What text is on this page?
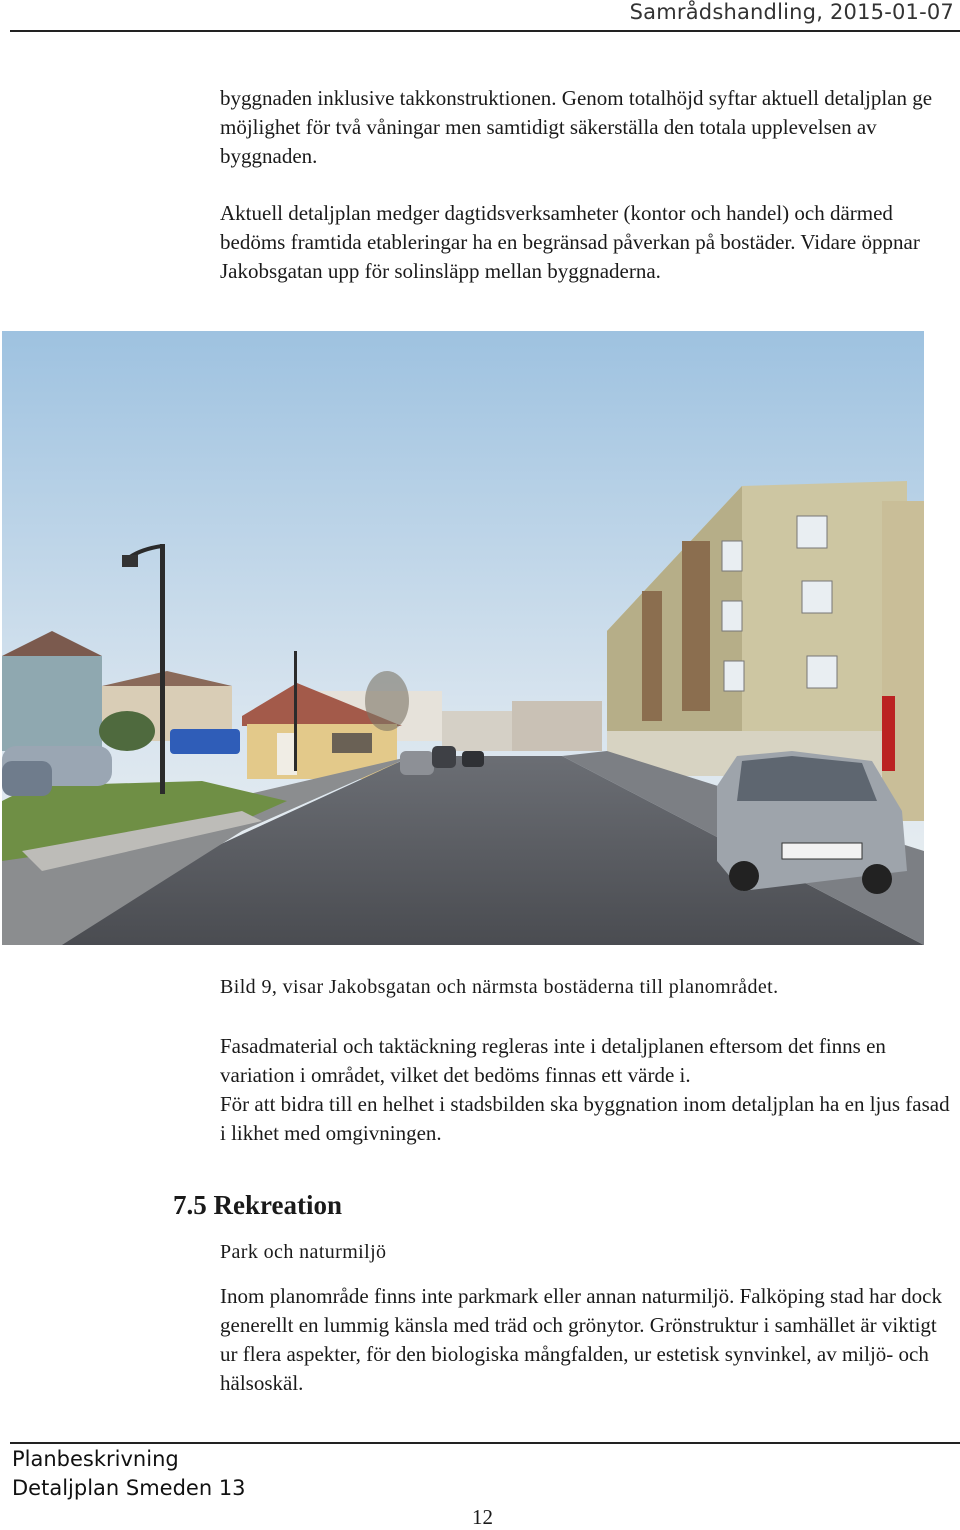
Samrådshandling, 2015-01-07

byggnaden inklusive takkonstruktionen. Genom totalhöjd syftar aktuell detaljplan ge möjlighet för två våningar men samtidigt säkerställa den totala upplevelsen av byggnaden.

Aktuell detaljplan medger dagtidsverksamheter (kontor och handel) och därmed bedöms framtida etableringar ha en begränsad påverkan på bostäder. Vidare öppnar Jakobsgatan upp för solinsläpp mellan byggnaderna.

Bild 9, visar Jakobsgatan och närmsta bostäderna till planområdet.

Fasadmaterial och taktäckning regleras inte i detaljplanen eftersom det finns en variation i området, vilket det bedöms finnas ett värde i.

För att bidra till en helhet i stadsbilden ska byggnation inom detaljplan ha en ljus fasad i likhet med omgivningen.

7.5 Rekreation
Park och naturmiljö

Inom planområde finns inte parkmark eller annan naturmiljö. Falköping stad har dock generellt en lummig känsla med träd och grönytor. Grönstruktur i samhället är viktigt ur flera aspekter, för den biologiska mångfalden, ur estetisk synvinkel, av miljö- och hälsoskäl.

Planbeskrivning
Detaljplan Smeden 13
12
